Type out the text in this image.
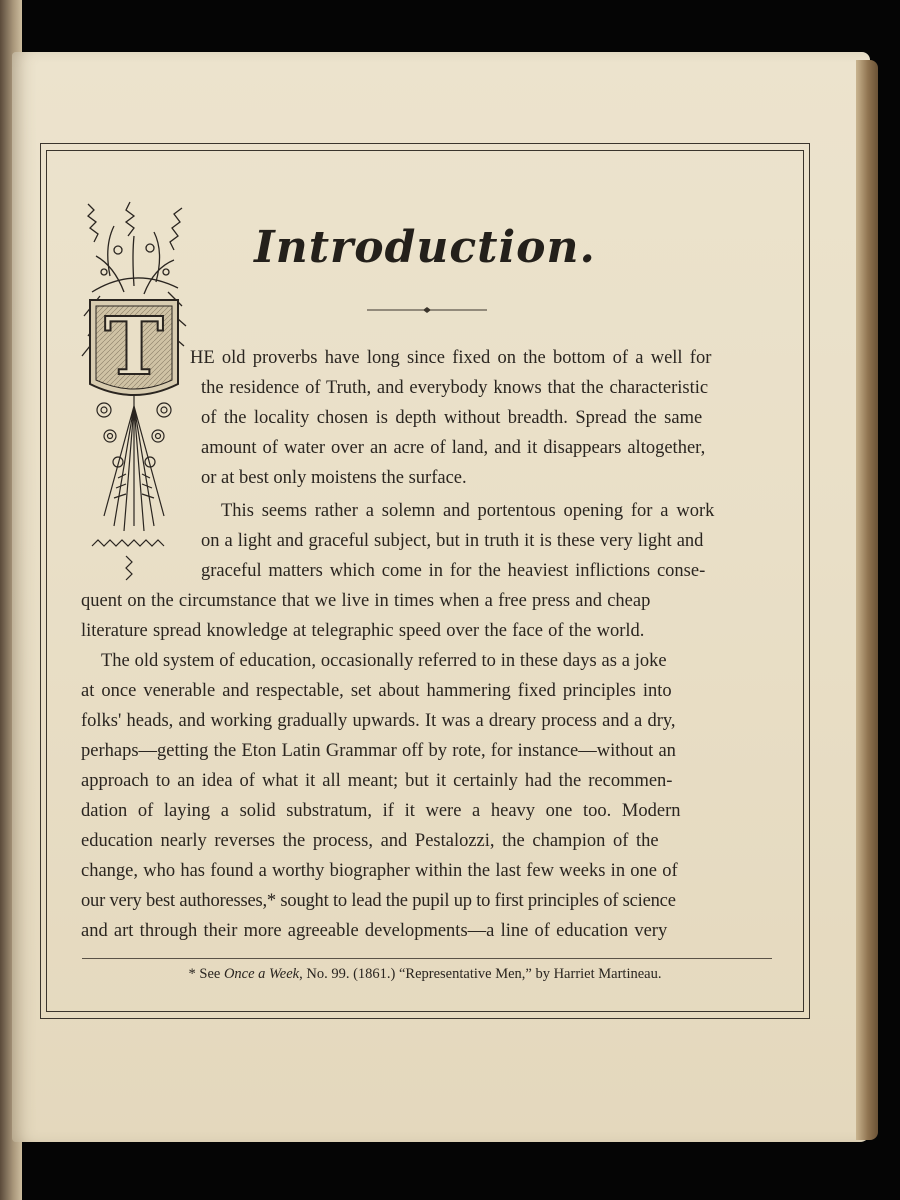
Introduction.
T HE old proverbs have long since fixed on the bottom of a well for
the residence of Truth, and everybody knows that the characteristic
of the locality chosen is depth without breadth. Spread the same
amount of water over an acre of land, and it disappears altogether,
or at best only moistens the surface.
This seems rather a solemn and portentous opening for a work
on a light and graceful subject, but in truth it is these very light and
graceful matters which come in for the heaviest inflictions conse-
quent on the circumstance that we live in times when a free press and cheap
literature spread knowledge at telegraphic speed over the face of the world.
The old system of education, occasionally referred to in these days as a joke
at once venerable and respectable, set about hammering fixed principles into
folks' heads, and working gradually upwards. It was a dreary process and a dry,
perhaps—getting the Eton Latin Grammar off by rote, for instance—without an
approach to an idea of what it all meant; but it certainly had the recommen-
dation of laying a solid substratum, if it were a heavy one too. Modern
education nearly reverses the process, and Pestalozzi, the champion of the
change, who has found a worthy biographer within the last few weeks in one of
our very best authoresses,* sought to lead the pupil up to first principles of science
and art through their more agreeable developments—a line of education very
* See Once a Week, No. 99. (1861.) “Representative Men,” by Harriet Martineau.
